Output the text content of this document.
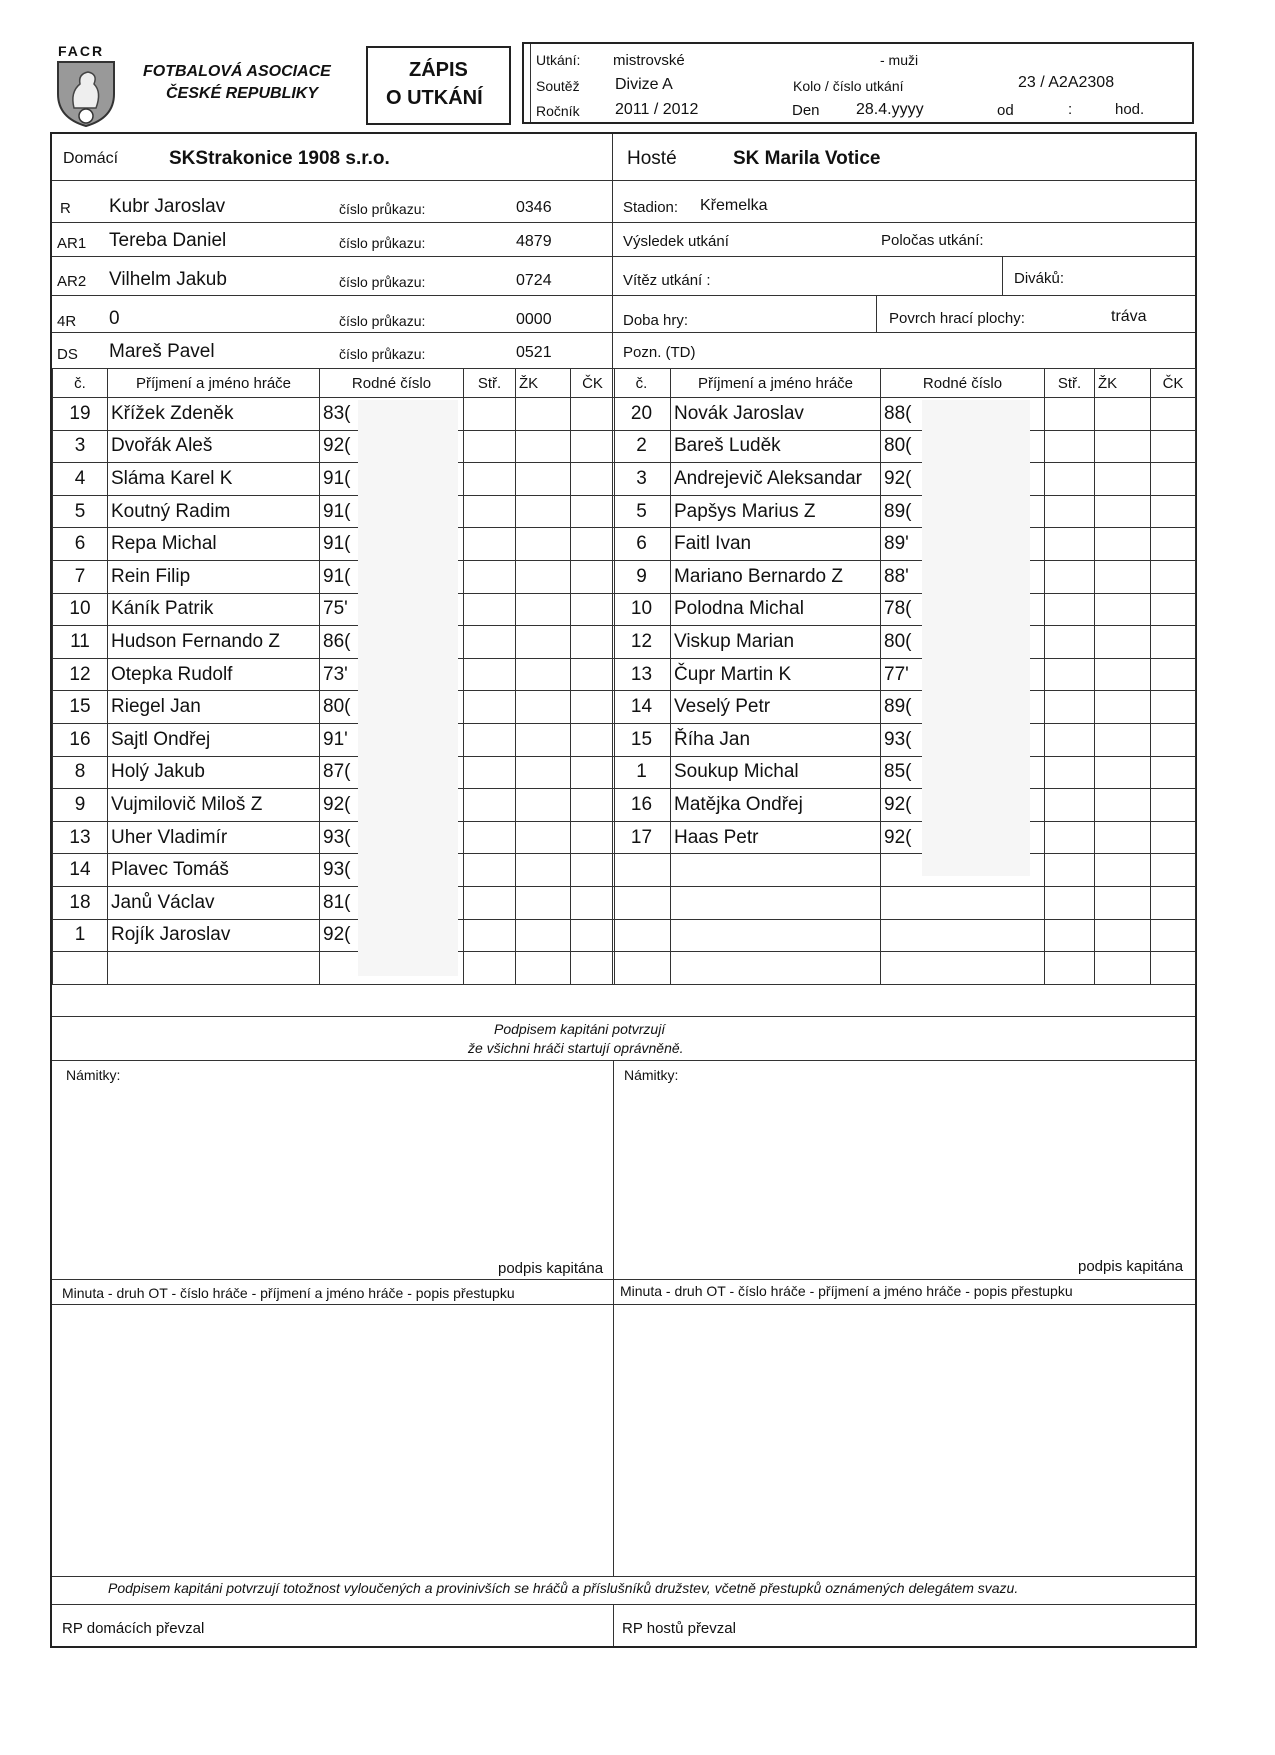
FACR
FOTBALOVÁ ASOCIACE
ČESKÉ REPUBLIKY
ZÁPIS
O UTKÁNÍ
Utkání: mistrovské	- muži
Soutěž Divize A	Kolo / číslo utkání	23 / A2A2308
Ročník 2011 / 2012	Den 28.4.yyyy	od	:	hod.
Domácí	SKStrakonice 1908 s.r.o.	Hosté	SK Marila Votice
R Kubr Jaroslav	číslo průkazu:	0346
AR1 Tereba Daniel	číslo průkazu:	4879
AR2 Vilhelm Jakub	číslo průkazu:	0724
4R 0	číslo průkazu:	0000
DS Mareš Pavel	číslo průkazu:	0521
Stadion: Křemelka
Výsledek utkání	Poločas utkání:
Vítěz utkání :	Diváků:
Doba hry:	Povrch hrací plochy:	tráva
Pozn. (TD)
č.	Příjmení a jméno hráče	Rodné číslo	Stř.	ŽK	ČK
19	Křížek Zdeněk	83(			
3	Dvořák Aleš	92(			
4	Sláma Karel K	91(			
5	Koutný Radim	91(			
6	Repa Michal	91(			
7	Rein Filip	91(			
10	Káník Patrik	75'			
11	Hudson Fernando Z	86(			
12	Otepka Rudolf	73'			
15	Riegel Jan	80(			
16	Sajtl Ondřej	91'			
8	Holý Jakub	87(			
9	Vujmilovič Miloš Z	92(			
13	Uher Vladimír	93(			
14	Plavec Tomáš	93(			
18	Janů Václav	81(			
1	Rojík Jaroslav	92(			

č.	Příjmení a jméno hráče	Rodné číslo	Stř.	ŽK	ČK
20	Novák Jaroslav	88(			
2	Bareš Luděk	80(			
3	Andrejevič Aleksandar	92(			
5	Papšys Marius Z	89(			
6	Faitl Ivan	89'			
9	Mariano Bernardo Z	88'			
10	Polodna Michal	78(			
12	Viskup Marian	80(			
13	Čupr Martin K	77'			
14	Veselý Petr	89(			
15	Říha Jan	93(			
1	Soukup Michal	85(			
16	Matějka Ondřej	92(			
17	Haas Petr	92(			

Podpisem kapitáni potvrzují
že všichni hráči startují oprávněně.
Námitky:	Námitky:
podpis kapitána	podpis kapitána
Minuta - druh OT - číslo hráče - příjmení a jméno hráče - popis přestupku	Minuta - druh OT - číslo hráče - příjmení a jméno hráče - popis přestupku
Podpisem kapitáni potvrzují totožnost vyloučených a provinivších se hráčů a příslušníků družstev, včetně přestupků oznámených delegátem svazu.
RP domácích převzal	RP hostů převzal
